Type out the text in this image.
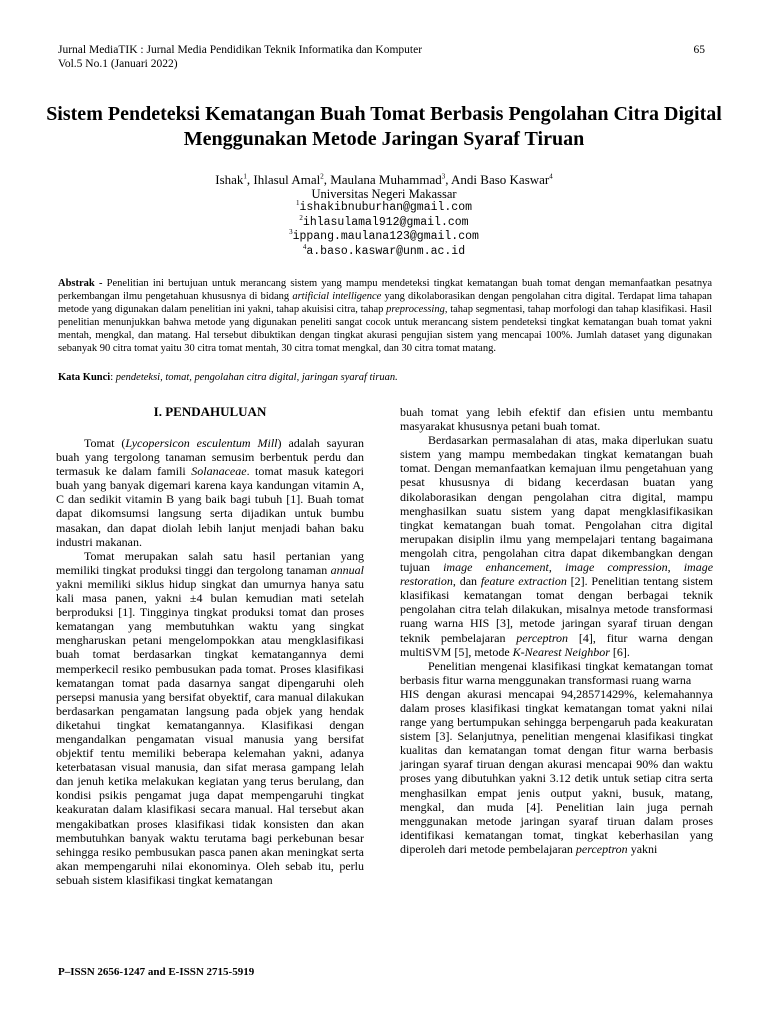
Jurnal MediaTIK : Jurnal Media Pendidikan Teknik Informatika dan Komputer
Vol.5 No.1 (Januari 2022)
65
Sistem Pendeteksi Kematangan Buah Tomat Berbasis Pengolahan Citra Digital Menggunakan Metode Jaringan Syaraf Tiruan
Ishak$^1$, Ihlasul Amal$^2$, Maulana Muhammad$^3$, Andi Baso Kaswar$^4$
Universitas Negeri Makassar
$^1$ishakibnuburhan@gmail.com
$^2$ihlasulamal912@gmail.com
$^3$ippang.maulana123@gmail.com
$^4$a.baso.kaswar@unm.ac.id
Abstrak - Penelitian ini bertujuan untuk merancang sistem yang mampu mendeteksi tingkat kematangan buah tomat dengan memanfaatkan pesatnya perkembangan ilmu pengetahuan khususnya di bidang artificial intelligence yang dikolaborasikan dengan pengolahan citra digital. Terdapat lima tahapan metode yang digunakan dalam penelitian ini yakni, tahap akuisisi citra, tahap preprocessing, tahap segmentasi, tahap morfologi dan tahap klasifikasi. Hasil penelitian menunjukkan bahwa metode yang digunakan peneliti sangat cocok untuk merancang sistem pendeteksi tingkat kematangan buah tomat yakni mentah, mengkal, dan matang. Hal tersebut dibuktikan dengan tingkat akurasi pengujian sistem yang mencapai 100%. Jumlah dataset yang digunakan sebanyak 90 citra tomat yaitu 30 citra tomat mentah, 30 citra tomat mengkal, dan 30 citra tomat matang.
Kata Kunci: pendeteksi, tomat, pengolahan citra digital, jaringan syaraf tiruan.
I. PENDAHULUAN

Tomat (Lycopersicon esculentum Mill) adalah sayuran buah yang tergolong tanaman semusim berbentuk perdu dan termasuk ke dalam famili Solanaceae. tomat masuk kategori buah yang banyak digemari karena kaya kandungan vitamin A, C dan sedikit vitamin B yang baik bagi tubuh [1]. Buah tomat dapat dikomsumsi langsung serta dijadikan untuk bumbu masakan, dan dapat diolah lebih lanjut menjadi bahan baku industri makanan.

Tomat merupakan salah satu hasil pertanian yang memiliki tingkat produksi tinggi dan tergolong tanaman annual yakni memiliki siklus hidup singkat dan umurnya hanya satu kali masa panen, yakni ±4 bulan kemudian mati setelah berproduksi [1]. Tingginya tingkat produksi tomat dan proses kematangan yang membutuhkan waktu yang singkat mengharuskan petani mengelompokkan atau mengklasifikasi buah tomat berdasarkan tingkat kematangannya demi memperkecil resiko pembusukan pada tomat. Proses klasifikasi kematangan tomat pada dasarnya sangat dipengaruhi oleh persepsi manusia yang bersifat obyektif, cara manual dilakukan berdasarkan pengamatan langsung pada objek yang hendak diketahui tingkat kematangannya. Klasifikasi dengan mengandalkan pengamatan visual manusia yang bersifat objektif tentu memiliki beberapa kelemahan yakni, adanya keterbatasan visual manusia, dan sifat merasa gampang lelah dan jenuh ketika melakukan kegiatan yang terus berulang, dan kondisi psikis pengamat juga dapat mempengaruhi tingkat keakuratan dalam klasifikasi secara manual. Hal tersebut akan mengakibatkan proses klasifikasi tidak konsisten dan akan membutuhkan banyak waktu terutama bagi perkebunan besar sehingga resiko pembusukan pasca panen akan meningkat serta akan mempengaruhi nilai ekonominya. Oleh sebab itu, perlu sebuah sistem klasifikasi tingkat kematangan

buah tomat yang lebih efektif dan efisien untu membantu masyarakat khususnya petani buah tomat.

Berdasarkan permasalahan di atas, maka diperlukan suatu sistem yang mampu membedakan tingkat kematangan buah tomat. Dengan memanfaatkan kemajuan ilmu pengetahuan yang pesat khususnya di bidang kecerdasan buatan yang dikolaborasikan dengan pengolahan citra digital, mampu menghasilkan suatu sistem yang dapat mengklasifikasikan tingkat kematangan buah tomat. Pengolahan citra digital merupakan disiplin ilmu yang mempelajari tentang bagaimana mengolah citra, pengolahan citra dapat dikembangkan dengan tujuan image enhancement, image compression, image restoration, dan feature extraction [2]. Penelitian tentang sistem klasifikasi kematangan tomat dengan berbagai teknik pengolahan citra telah dilakukan, misalnya metode transformasi ruang warna HIS [3], metode jaringan syaraf tiruan dengan teknik pembelajaran perceptron [4], fitur warna dengan multiSVM [5], metode K-Nearest Neighbor [6].

Penelitian mengenai klasifikasi tingkat kematangan tomat berbasis fitur warna menggunakan transformasi ruang warna

HIS dengan akurasi mencapai 94,28571429%, kelemahannya dalam proses klasifikasi tingkat kematangan tomat yakni nilai range yang bertumpukan sehingga berpengaruh pada keakuratan sistem [3]. Selanjutnya, penelitian mengenai klasifikasi tingkat kualitas dan kematangan tomat dengan fitur warna berbasis jaringan syaraf tiruan dengan akurasi mencapai 90% dan waktu proses yang dibutuhkan yakni 3.12 detik untuk setiap citra serta menghasilkan empat jenis output yakni, busuk, matang, mengkal, dan muda [4]. Penelitian lain juga pernah menggunakan metode jaringan syaraf tiruan dalam proses identifikasi kematangan tomat, tingkat keberhasilan yang diperoleh dari metode pembelajaran perceptron yakni

P–ISSN 2656-1247 and E-ISSN 2715-5919
